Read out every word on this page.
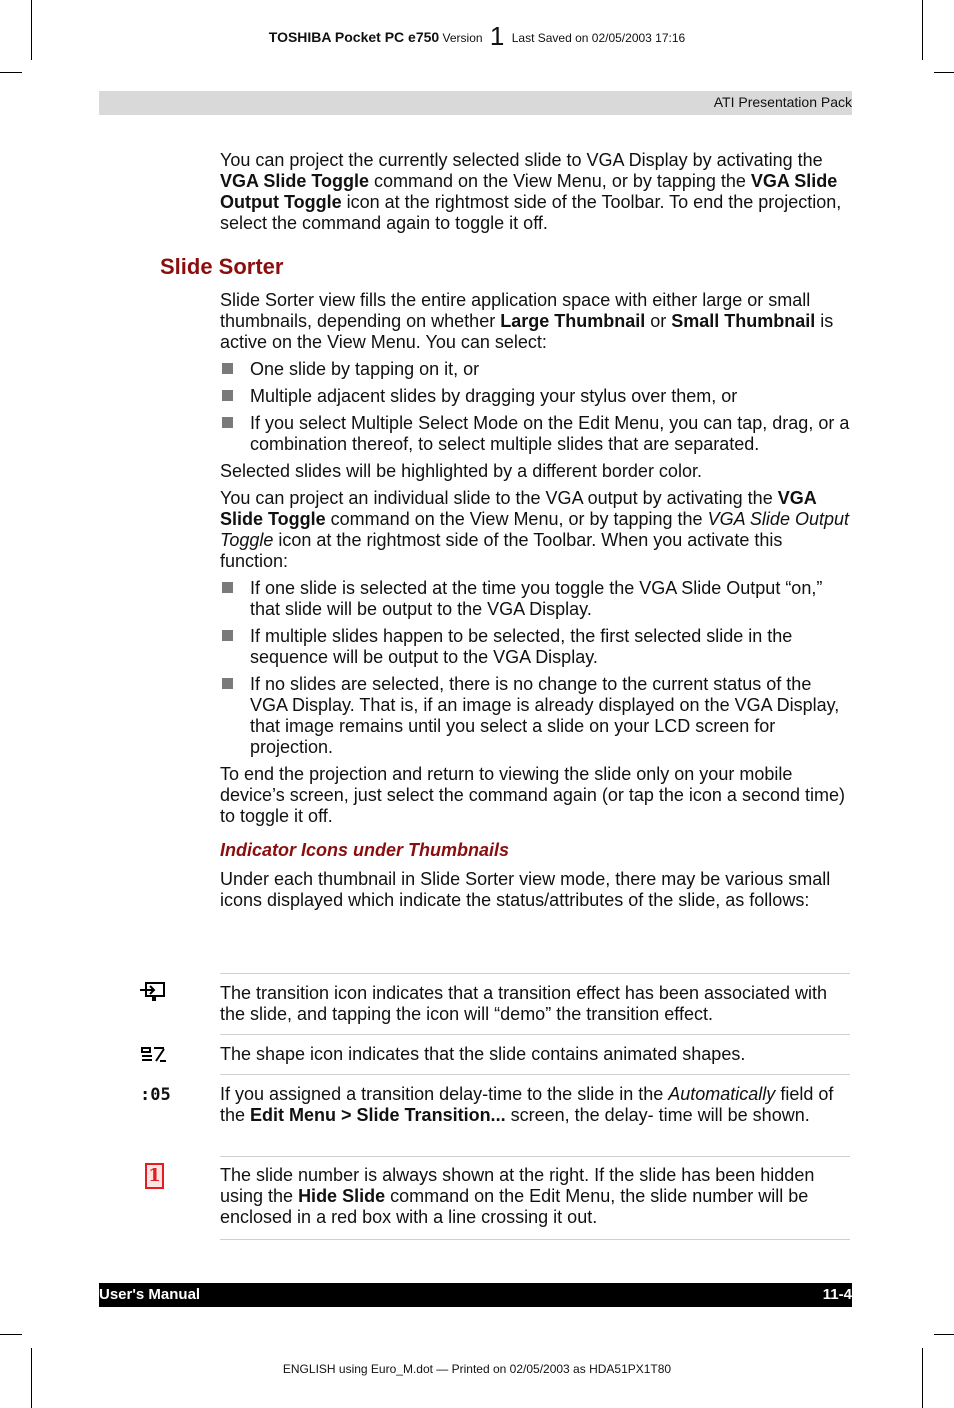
TOSHIBA Pocket PC e750 Version 1 Last Saved on 02/05/2003 17:16
ATI Presentation Pack

You can project the currently selected slide to VGA Display by activating the VGA Slide Toggle command on the View Menu, or by tapping the VGA Slide Output Toggle icon at the rightmost side of the Toolbar. To end the projection, select the command again to toggle it off.

Slide Sorter

Slide Sorter view fills the entire application space with either large or small thumbnails, depending on whether Large Thumbnail or Small Thumbnail is active on the View Menu. You can select:

One slide by tapping on it, or
Multiple adjacent slides by dragging your stylus over them, or
If you select Multiple Select Mode on the Edit Menu, you can tap, drag, or a combination thereof, to select multiple slides that are separated.

Selected slides will be highlighted by a different border color.

You can project an individual slide to the VGA output by activating the VGA Slide Toggle command on the View Menu, or by tapping the VGA Slide Output Toggle icon at the rightmost side of the Toolbar. When you activate this function:

If one slide is selected at the time you toggle the VGA Slide Output “on,” that slide will be output to the VGA Display.
If multiple slides happen to be selected, the first selected slide in the sequence will be output to the VGA Display.
If no slides are selected, there is no change to the current status of the VGA Display. That is, if an image is already displayed on the VGA Display, that image remains until you select a slide on your LCD screen for projection.

To end the projection and return to viewing the slide only on your mobile device’s screen, just select the command again (or tap the icon a second time) to toggle it off.

Indicator Icons under Thumbnails

Under each thumbnail in Slide Sorter view mode, there may be various small icons displayed which indicate the status/attributes of the slide, as follows:

The transition icon indicates that a transition effect has been associated with the slide, and tapping the icon will “demo” the transition effect.

The shape icon indicates that the slide contains animated shapes.

:05	If you assigned a transition delay-time to the slide in the Automatically field of the Edit Menu > Slide Transition... screen, the delay- time will be shown.

1	The slide number is always shown at the right. If the slide has been hidden using the Hide Slide command on the Edit Menu, the slide number will be enclosed in a red box with a line crossing it out.

User's Manual	11-4
ENGLISH using Euro_M.dot — Printed on 02/05/2003 as HDA51PX1T80
